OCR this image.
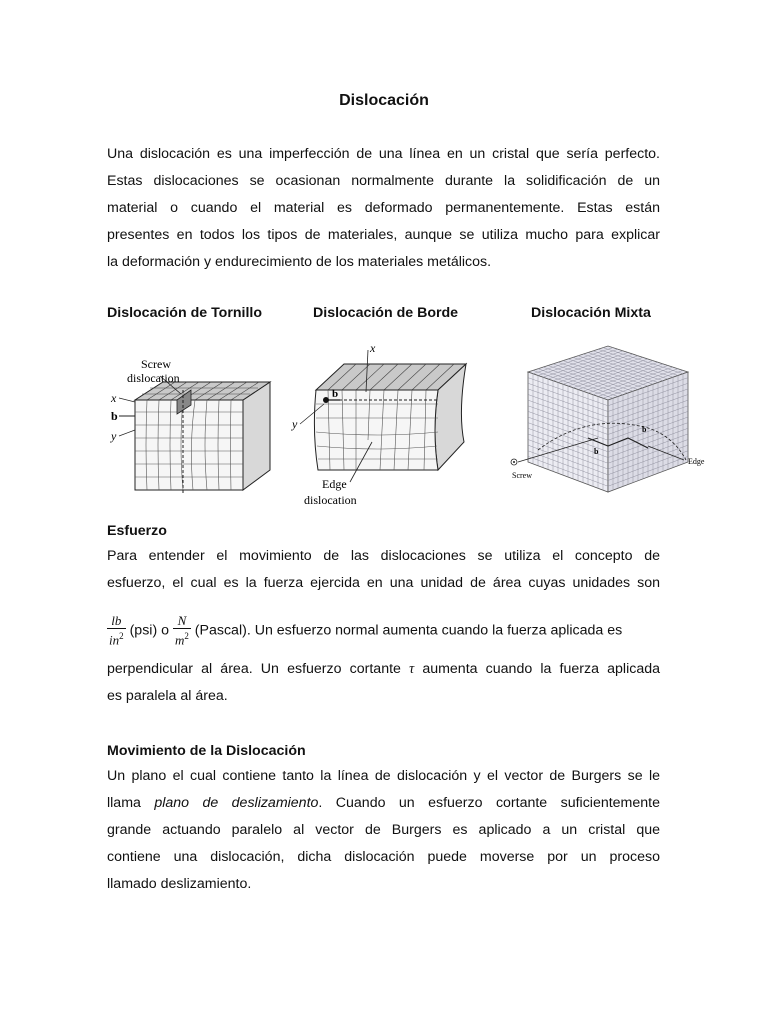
Dislocación

Una dislocación es una imperfección de una línea en un cristal que sería perfecto.
Estas dislocaciones se ocasionan normalmente durante la solidificación de un
material o cuando el material es deformado permanentemente. Estas están
presentes en todos los tipos de materiales, aunque se utiliza mucho para explicar
la deformación y endurecimiento de los materiales metálicos.

Dislocación de Tornillo	Dislocación de Borde	Dislocación Mixta
Screw
dislocation
x
b
y
x
b
y
Edge
dislocation
Screw
Edge
b
b
Esfuerzo

Para entender el movimiento de las dislocaciones se utiliza el concepto de
esfuerzo, el cual es la fuerza ejercida en una unidad de área cuyas unidades son

$\frac{lb}{in^2} (psi)$ o $\frac{N}{m^2}$ (Pascal). Un esfuerzo normal aumenta cuando la fuerza aplicada es

perpendicular al área. Un esfuerzo cortante τ aumenta cuando la fuerza aplicada
es paralela al área.

Movimiento de la Dislocación

Un plano el cual contiene tanto la línea de dislocación y el vector de Burgers se le
llama plano de deslizamiento. Cuando un esfuerzo cortante suficientemente
grande actuando paralelo al vector de Burgers es aplicado a un cristal que
contiene una dislocación, dicha dislocación puede moverse por un proceso
llamado deslizamiento.
